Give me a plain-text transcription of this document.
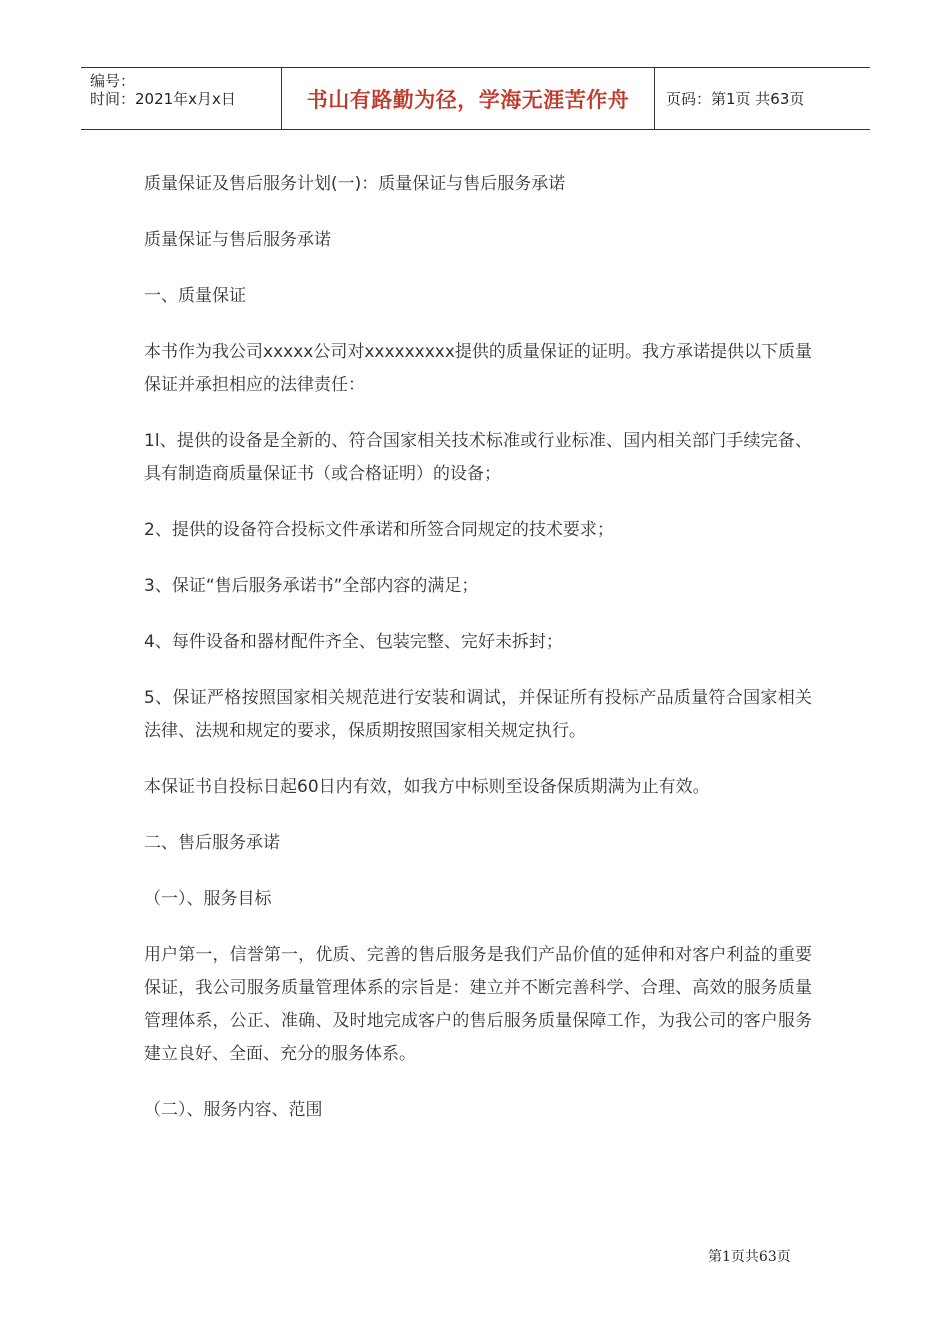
编号：
时间：2021年x月x日	书山有路勤为径，学海无涯苦作舟 页码：第1页 共63页

质量保证及售后服务计划(一)：质量保证与售后服务承诺

质量保证与售后服务承诺

一、质量保证

本书作为我公司xxxxx公司对xxxxxxxxx提供的质量保证的证明。我方承诺提供以下质量保证并承担相应的法律责任：

1l、提供的设备是全新的、符合国家相关技术标准或行业标准、国内相关部门手续完备、具有制造商质量保证书（或合格证明）的设备；

2、提供的设备符合投标文件承诺和所签合同规定的技术要求；

3、保证“售后服务承诺书”全部内容的满足；

4、每件设备和器材配件齐全、包装完整、完好未拆封；

5、保证严格按照国家相关规范进行安装和调试，并保证所有投标产品质量符合国家相关法律、法规和规定的要求，保质期按照国家相关规定执行。

本保证书自投标日起60日内有效，如我方中标则至设备保质期满为止有效。

二、售后服务承诺

（一）、服务目标

用户第一，信誉第一，优质、完善的售后服务是我们产品价值的延伸和对客户利益的重要保证，我公司服务质量管理体系的宗旨是：建立并不断完善科学、合理、高效的服务质量管理体系，公正、准确、及时地完成客户的售后服务质量保障工作，为我公司的客户服务建立良好、全面、充分的服务体系。

（二）、服务内容、范围

第1页共63页
